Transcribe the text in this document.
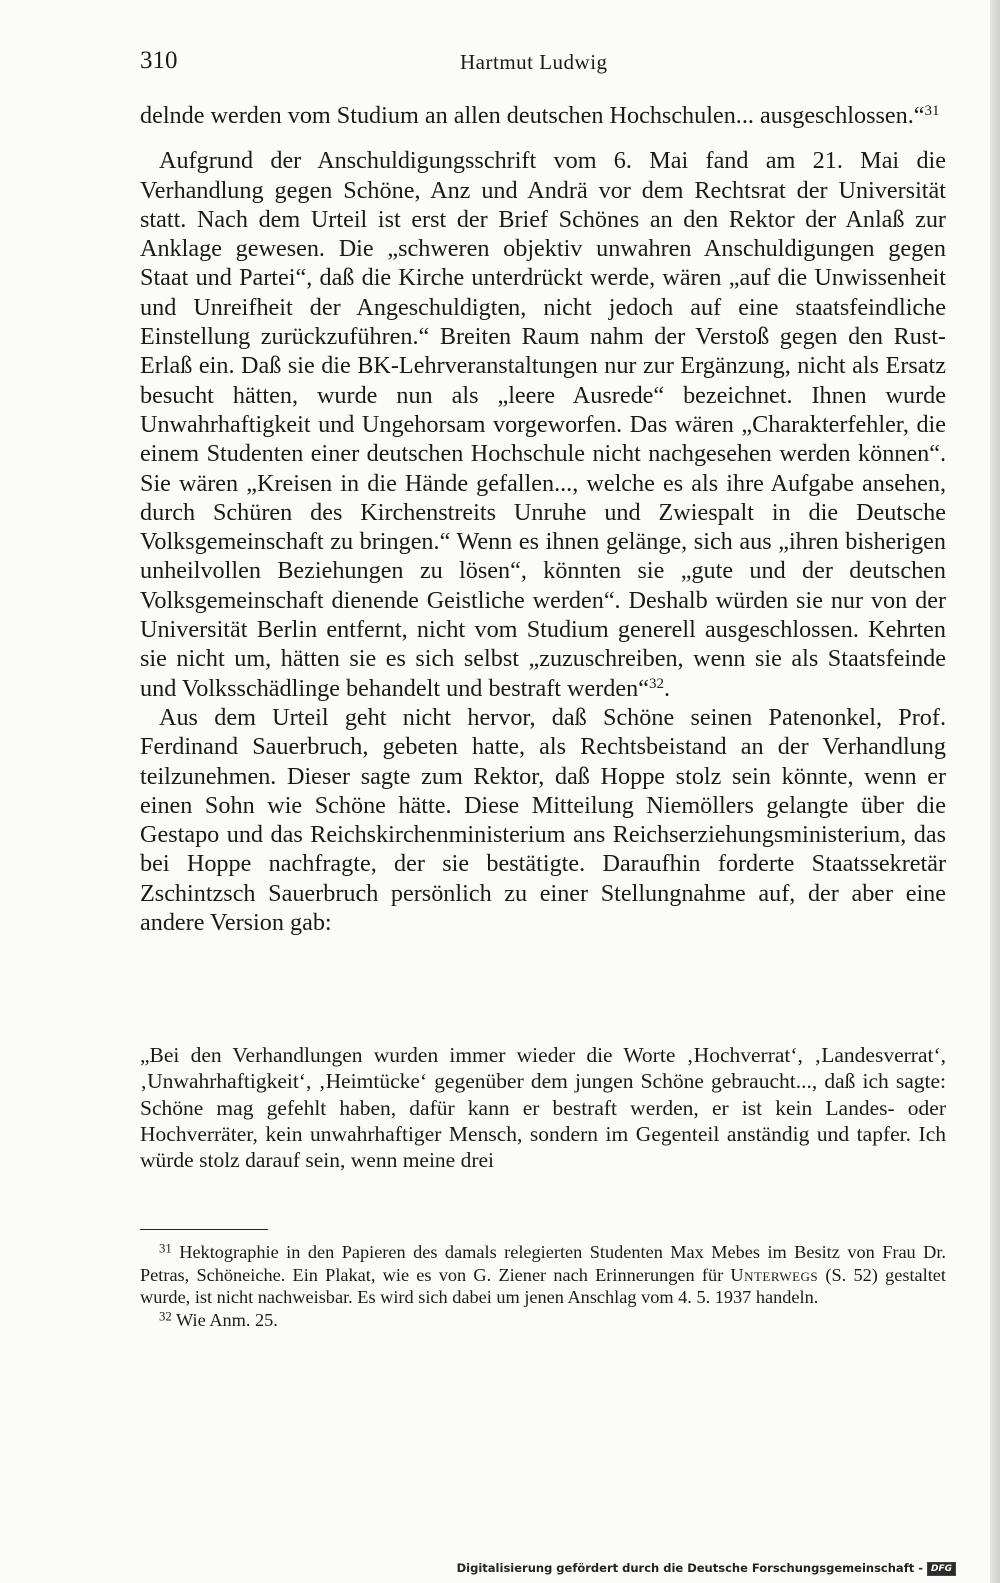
310	Hartmut Ludwig

delnde werden vom Studium an allen deutschen Hochschulen... ausgeschlossen.“$^{31}$

Aufgrund der Anschuldigungsschrift vom 6. Mai fand am 21. Mai die Verhandlung gegen Schöne, Anz und Andrä vor dem Rechtsrat der Universität statt. Nach dem Urteil ist erst der Brief Schönes an den Rektor der Anlaß zur Anklage gewesen. Die „schweren objektiv unwahren Anschuldigungen gegen Staat und Partei“, daß die Kirche unterdrückt werde, wären „auf die Unwissenheit und Unreifheit der Angeschuldigten, nicht jedoch auf eine staatsfeindliche Einstellung zurückzuführen.“ Breiten Raum nahm der Verstoß gegen den Rust-Erlaß ein. Daß sie die BK-Lehrveranstaltungen nur zur Ergänzung, nicht als Ersatz besucht hätten, wurde nun als „leere Ausrede“ bezeichnet. Ihnen wurde Unwahrhaftigkeit und Ungehorsam vorgeworfen. Das wären „Charakterfehler, die einem Studenten einer deutschen Hochschule nicht nachgesehen werden können“. Sie wären „Kreisen in die Hände gefallen..., welche es als ihre Aufgabe ansehen, durch Schüren des Kirchenstreits Unruhe und Zwiespalt in die Deutsche Volksgemeinschaft zu bringen.“ Wenn es ihnen gelänge, sich aus „ihren bisherigen unheilvollen Beziehungen zu lösen“, könnten sie „gute und der deutschen Volksgemeinschaft dienende Geistliche werden“. Deshalb würden sie nur von der Universität Berlin entfernt, nicht vom Studium generell ausgeschlossen. Kehrten sie nicht um, hätten sie es sich selbst „zuzuschreiben, wenn sie als Staatsfeinde und Volksschädlinge behandelt und bestraft werden“$^{32}$.

Aus dem Urteil geht nicht hervor, daß Schöne seinen Patenonkel, Prof. Ferdinand Sauerbruch, gebeten hatte, als Rechtsbeistand an der Verhandlung teilzunehmen. Dieser sagte zum Rektor, daß Hoppe stolz sein könnte, wenn er einen Sohn wie Schöne hätte. Diese Mitteilung Niemöllers gelangte über die Gestapo und das Reichskirchenministerium ans Reichserziehungsministerium, das bei Hoppe nachfragte, der sie bestätigte. Daraufhin forderte Staatssekretär Zschintzsch Sauerbruch persönlich zu einer Stellungnahme auf, der aber eine andere Version gab:

„Bei den Verhandlungen wurden immer wieder die Worte ‚Hochverrat‘, ‚Landesverrat‘, ‚Unwahrhaftigkeit‘, ‚Heimtücke‘ gegenüber dem jungen Schöne gebraucht..., daß ich sagte: Schöne mag gefehlt haben, dafür kann er bestraft werden, er ist kein Landes- oder Hochverräter, kein unwahrhaftiger Mensch, sondern im Gegenteil anständig und tapfer. Ich würde stolz darauf sein, wenn meine drei

$^{31}$ Hektographie in den Papieren des damals relegierten Studenten Max Mebes im Besitz von Frau Dr. Petras, Schöneiche. Ein Plakat, wie es von G. Ziener nach Erinnerungen für Unterwegs (S. 52) gestaltet wurde, ist nicht nachweisbar. Es wird sich dabei um jenen Anschlag vom 4. 5. 1937 handeln.

$^{32}$ Wie Anm. 25.

Digitalisierung gefördert durch die Deutsche Forschungsgemeinschaft - DFG
